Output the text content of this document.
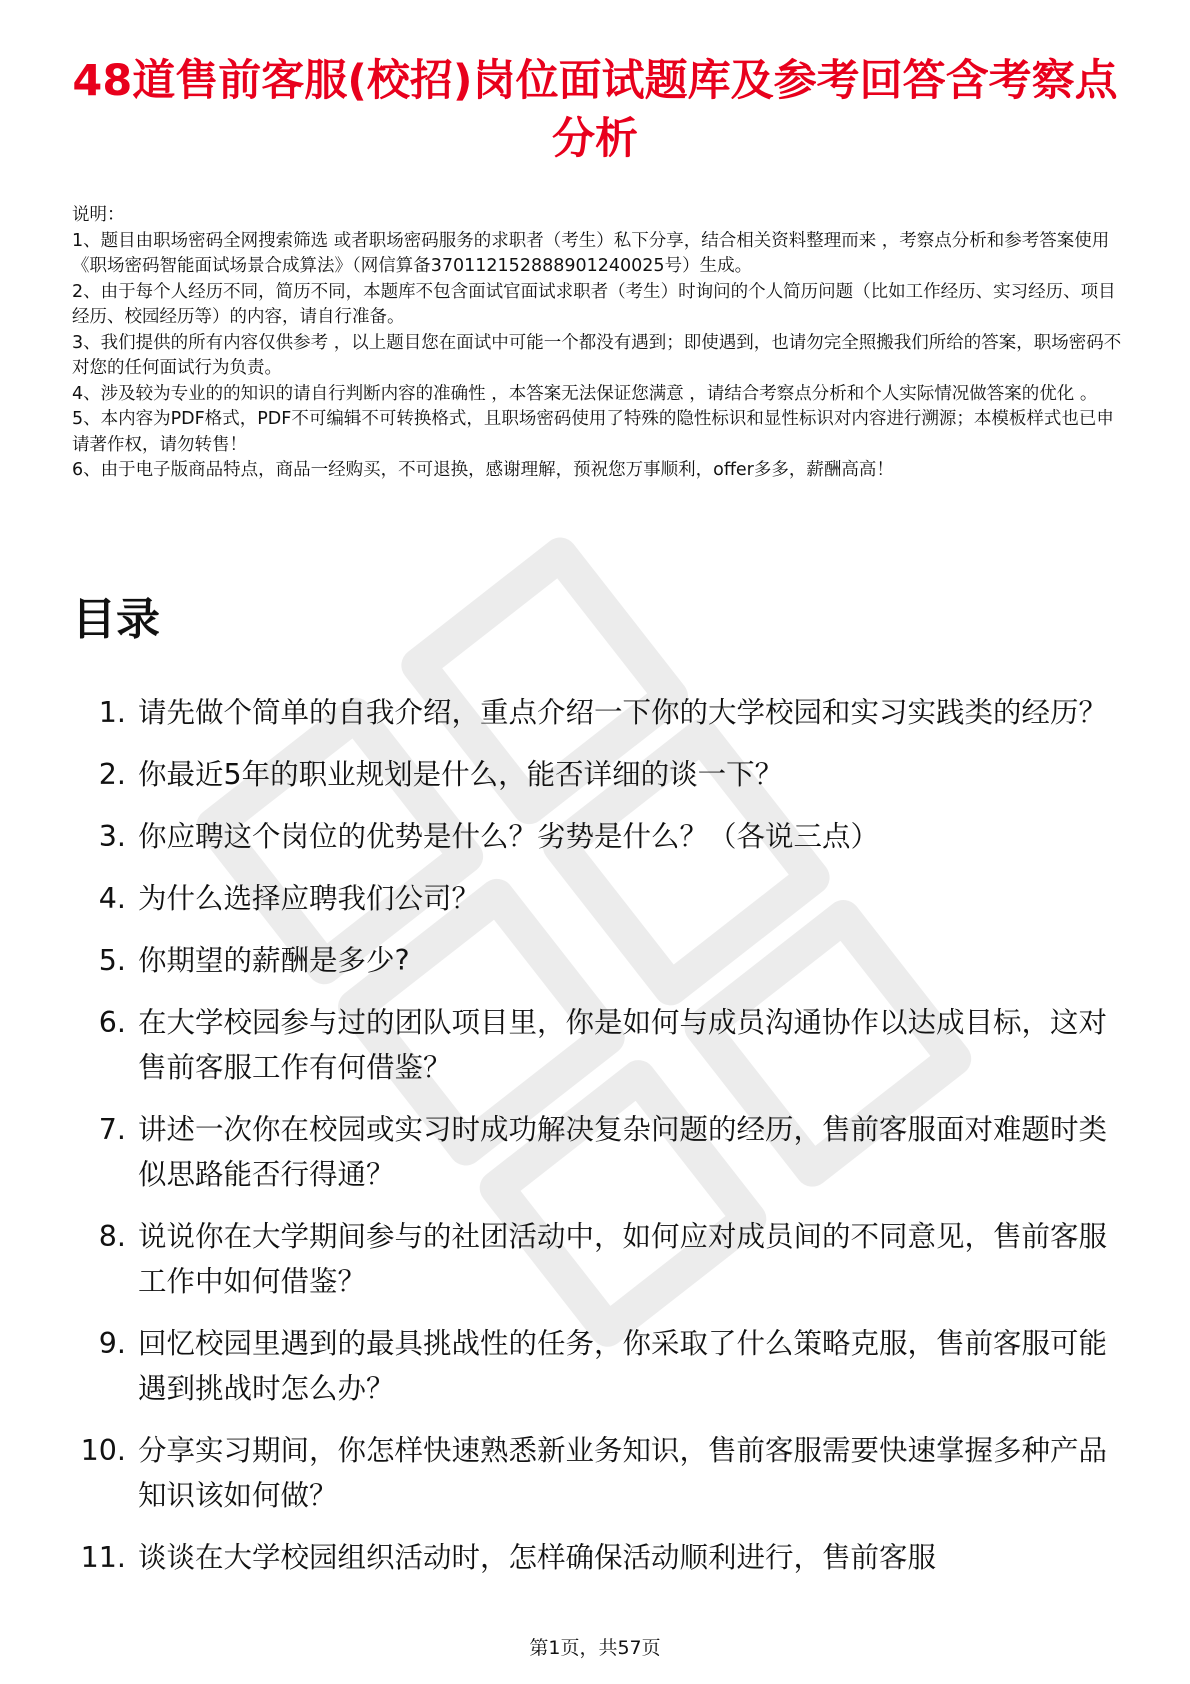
48道售前客服(校招)岗位面试题库及参考回答含考察点分析

说明：

1、题目由职场密码全网搜索筛选 或者职场密码服务的求职者（考生）私下分享，结合相关资料整理而来 ，考察点分析和参考答案使用《职场密码智能面试场景合成算法》（网信算备370112152888901240025号）生成。

2、由于每个人经历不同，简历不同，本题库不包含面试官面试求职者（考生）时询问的个人简历问题（比如工作经历、实习经历、项目经历、校园经历等）的内容，请自行准备。

3、我们提供的所有内容仅供参考 ，以上题目您在面试中可能一个都没有遇到；即使遇到，也请勿完全照搬我们所给的答案，职场密码不对您的任何面试行为负责。

4、涉及较为专业的的知识的请自行判断内容的准确性 ，本答案无法保证您满意 ，请结合考察点分析和个人实际情况做答案的优化 。

5、本内容为PDF格式，PDF不可编辑不可转换格式，且职场密码使用了特殊的隐性标识和显性标识对内容进行溯源；本模板样式也已申请著作权，请勿转售！

6、由于电子版商品特点，商品一经购买，不可退换，感谢理解，预祝您万事顺利，offer多多，薪酬高高！

目录
1. 请先做个简单的自我介绍，重点介绍一下你的大学校园和实习实践类的经历？
2. 你最近5年的职业规划是什么，能否详细的谈一下？
3. 你应聘这个岗位的优势是什么？劣势是什么？（各说三点）
4. 为什么选择应聘我们公司？
5. 你期望的薪酬是多少?
6. 在大学校园参与过的团队项目里，你是如何与成员沟通协作以达成目标，这对售前客服工作有何借鉴？
7. 讲述一次你在校园或实习时成功解决复杂问题的经历，售前客服面对难题时类似思路能否行得通？
8. 说说你在大学期间参与的社团活动中，如何应对成员间的不同意见，售前客服工作中如何借鉴？
9. 回忆校园里遇到的最具挑战性的任务，你采取了什么策略克服，售前客服可能遇到挑战时怎么办？
10. 分享实习期间，你怎样快速熟悉新业务知识，售前客服需要快速掌握多种产品知识该如何做？
11. 谈谈在大学校园组织活动时，怎样确保活动顺利进行，售前客服
第1页，共57页
